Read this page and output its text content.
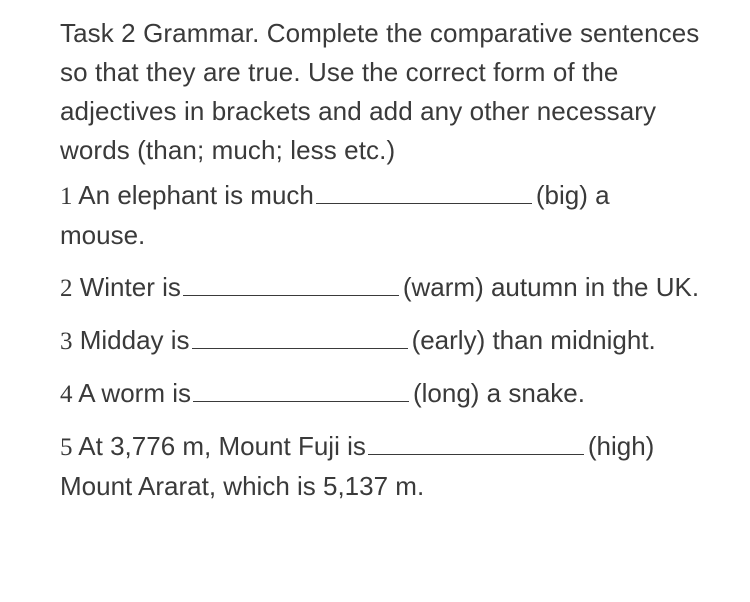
Task 2 Grammar. Complete the comparative sentences so that they are true. Use the correct form of the adjectives in brackets and add any other necessary words (than; much; less etc.)

1 An elephant is much	(big) a mouse.

2 Winter is	(warm) autumn in the UK.

3 Midday is	(early) than midnight.

4 A worm is	(long) a snake.

5 At 3,776 m, Mount Fuji is	(high) Mount Ararat, which is 5,137 m.
